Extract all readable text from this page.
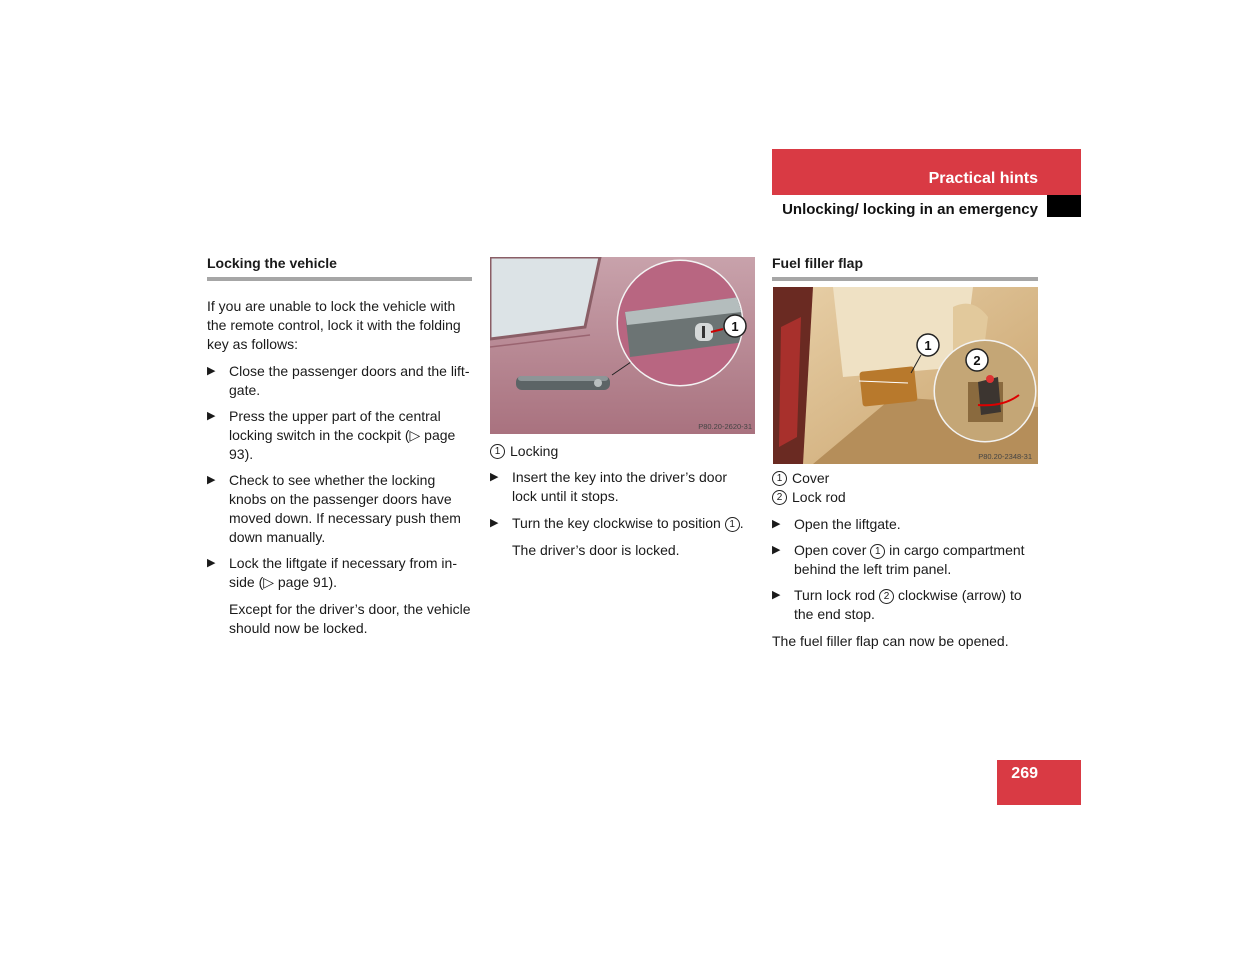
Practical hints
Unlocking/ locking in an emergency
Locking the vehicle

If you are unable to lock the vehicle with the remote control, lock it with the folding key as follows:

▶ Close the passenger doors and the lift-gate.
▶ Press the upper part of the central locking switch in the cockpit (▷ page 93).
▶ Check to see whether the locking knobs on the passenger doors have moved down. If necessary push them down manually.
▶ Lock the liftgate if necessary from in-side (▷ page 91).

Except for the driver’s door, the vehicle should now be locked.

1
P80.20-2620-31
1 Locking
▶ Insert the key into the driver’s door lock until it stops.
▶ Turn the key clockwise to position 1 .

The driver’s door is locked.

Fuel filler flap
1
2
P80.20-2348-31
1 Cover
2 Lock rod
▶ Open the liftgate.
▶ Open cover 1 in cargo compartment behind the left trim panel.
▶ Turn lock rod 2 clockwise (arrow) to the end stop.

The fuel filler flap can now be opened.

269
